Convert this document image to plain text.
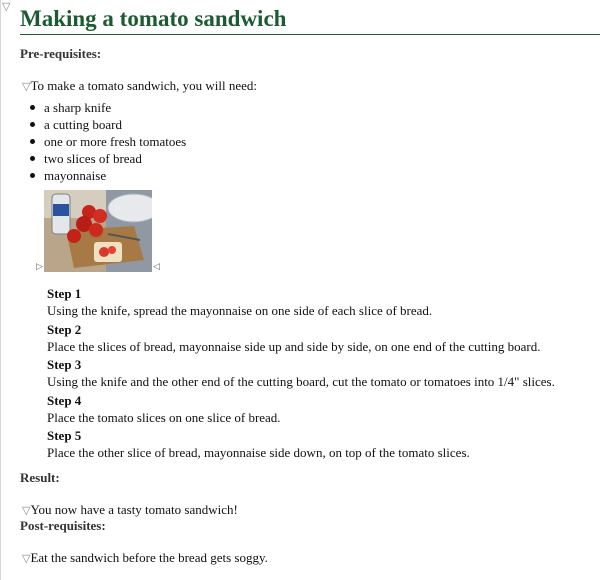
▽ Making a tomato sandwich
Pre-requisites:
▽To make a tomato sandwich, you will need:
a sharp knife
a cutting board
one or more fresh tomatoes
two slices of bread
mayonnaise
▷	◁
Step 1
Using the knife, spread the mayonnaise on one side of each slice of bread.
Step 2
Place the slices of bread, mayonnaise side up and side by side, on one end of the cutting board.
Step 3
Using the knife and the other end of the cutting board, cut the tomato or tomatoes into 1/4" slices.
Step 4
Place the tomato slices on one slice of bread.
Step 5
Place the other slice of bread, mayonnaise side down, on top of the tomato slices.
Result:
▽You now have a tasty tomato sandwich!
Post-requisites:
▽Eat the sandwich before the bread gets soggy.
